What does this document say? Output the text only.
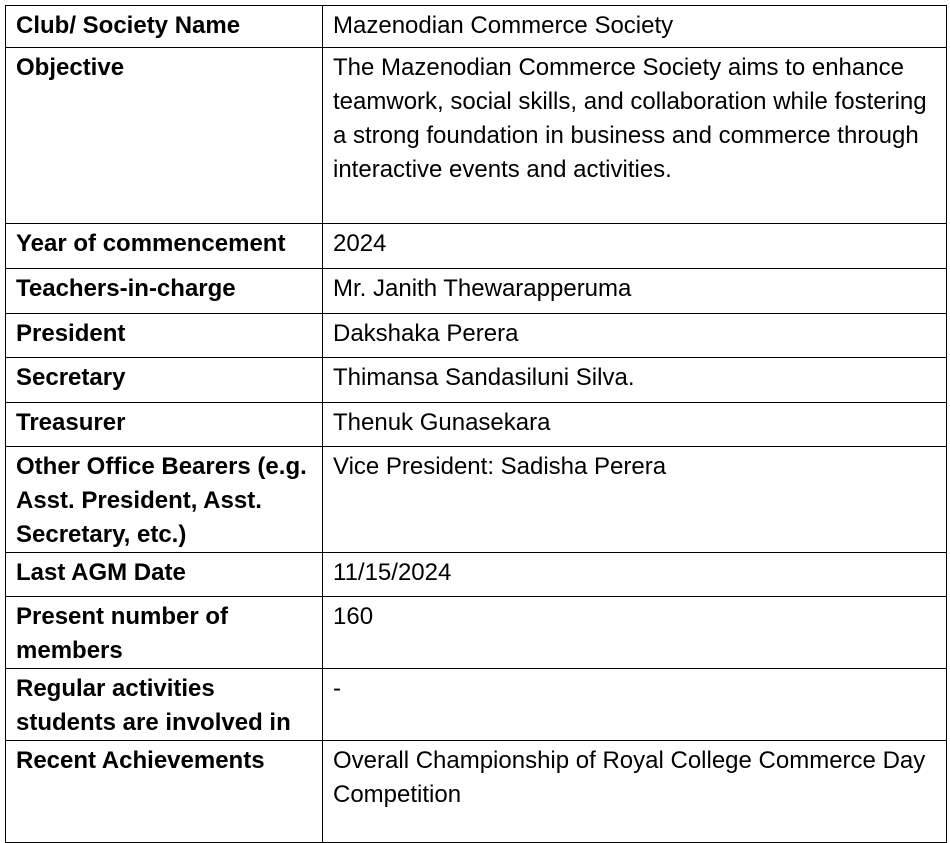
Club/ Society Name	Mazenodian Commerce Society
Objective	The Mazenodian Commerce Society aims to enhance teamwork, social skills, and collaboration while fostering a strong foundation in business and commerce through interactive events and activities.
Year of commencement	2024
Teachers-in-charge	Mr. Janith Thewarapperuma
President	Dakshaka Perera
Secretary	Thimansa Sandasiluni Silva.
Treasurer	Thenuk Gunasekara
Other Office Bearers (e.g. Asst. President, Asst. Secretary, etc.)	Vice President: Sadisha Perera
Last AGM Date	11/15/2024
Present number of members	160
Regular activities students are involved in	-
Recent Achievements	Overall Championship of Royal College Commerce Day Competition
